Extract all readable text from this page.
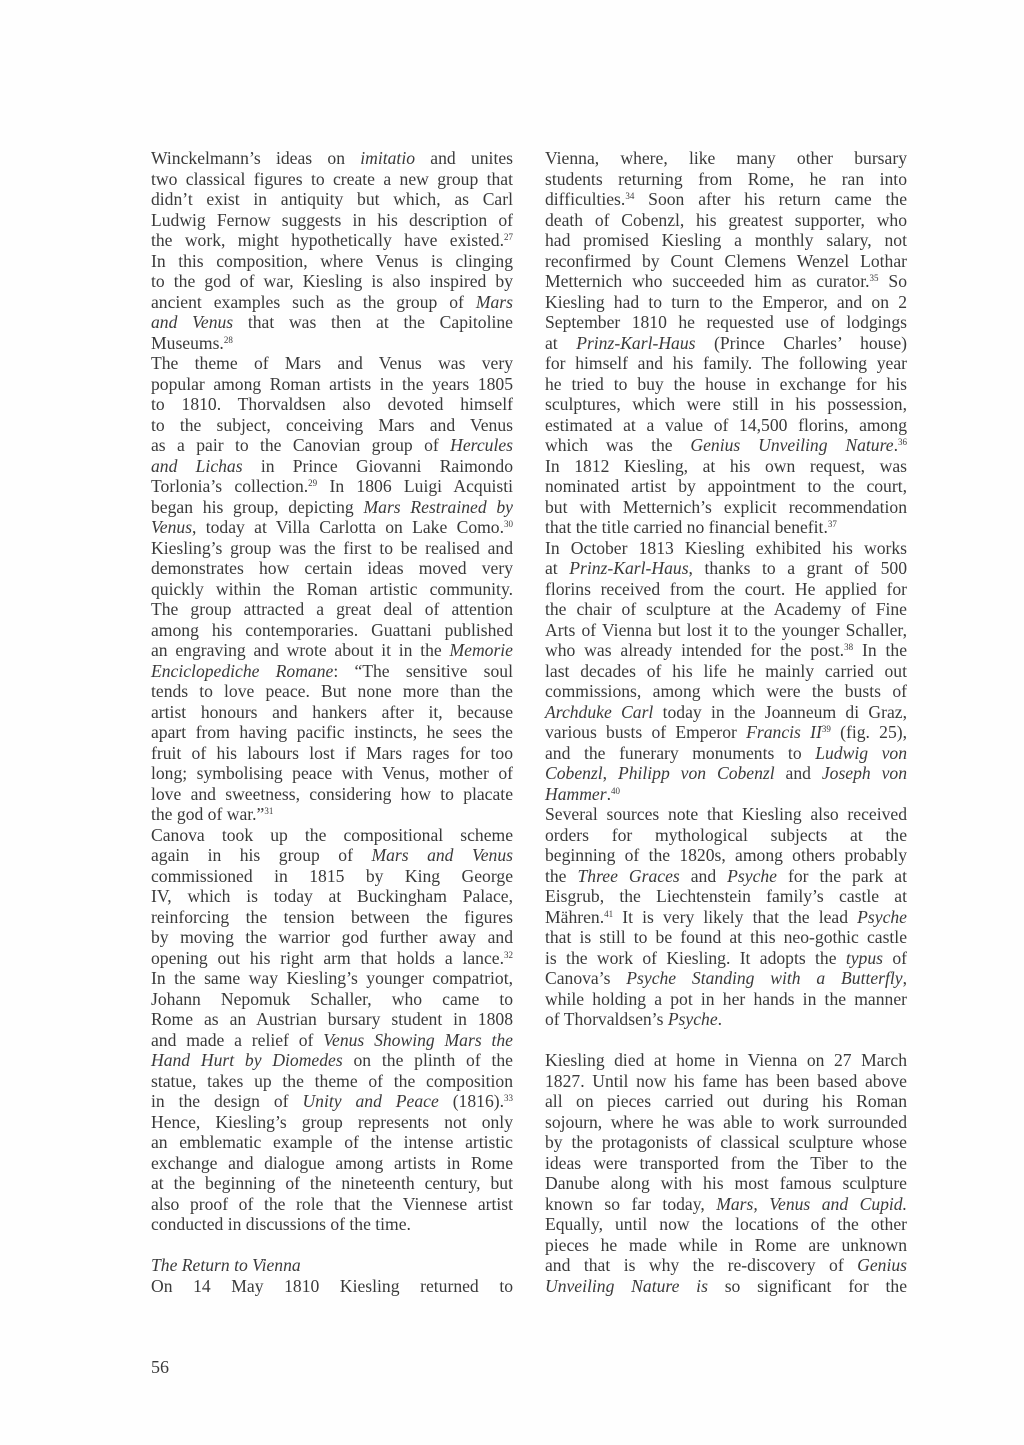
Winckelmann’s ideas on imitatio and unites
two classical figures to create a new group that
didn’t exist in antiquity but which, as Carl
Ludwig Fernow suggests in his description of
the work, might hypothetically have existed.$^{27}$
In this composition, where Venus is clinging
to the god of war, Kiesling is also inspired by
ancient examples such as the group of Mars
and Venus that was then at the Capitoline
Museums.$^{28}$
The theme of Mars and Venus was very
popular among Roman artists in the years 1805
to 1810. Thorvaldsen also devoted himself
to the subject, conceiving Mars and Venus
as a pair to the Canovian group of Hercules
and Lichas in Prince Giovanni Raimondo
Torlonia’s collection.$^{29}$ In 1806 Luigi Acquisti
began his group, depicting Mars Restrained by
Venus, today at Villa Carlotta on Lake Como.$^{30}$
Kiesling’s group was the first to be realised and
demonstrates how certain ideas moved very
quickly within the Roman artistic community.
The group attracted a great deal of attention
among his contemporaries. Guattani published
an engraving and wrote about it in the Memorie
Enciclopediche Romane: “The sensitive soul
tends to love peace. But none more than the
artist honours and hankers after it, because
apart from having pacific instincts, he sees the
fruit of his labours lost if Mars rages for too
long; symbolising peace with Venus, mother of
love and sweetness, considering how to placate
the god of war.”$^{31}$
Canova took up the compositional scheme
again in his group of Mars and Venus
commissioned in 1815 by King George
IV, which is today at Buckingham Palace,
reinforcing the tension between the figures
by moving the warrior god further away and
opening out his right arm that holds a lance.$^{32}$
In the same way Kiesling’s younger compatriot,
Johann Nepomuk Schaller, who came to
Rome as an Austrian bursary student in 1808
and made a relief of Venus Showing Mars the
Hand Hurt by Diomedes on the plinth of the
statue, takes up the theme of the composition
in the design of Unity and Peace (1816).$^{33}$
Hence, Kiesling’s group represents not only
an emblematic example of the intense artistic
exchange and dialogue among artists in Rome
at the beginning of the nineteenth century, but
also proof of the role that the Viennese artist
conducted in discussions of the time.
The Return to Vienna
On 14 May 1810 Kiesling returned to
Vienna, where, like many other bursary
students returning from Rome, he ran into
difficulties.$^{34}$ Soon after his return came the
death of Cobenzl, his greatest supporter, who
had promised Kiesling a monthly salary, not
reconfirmed by Count Clemens Wenzel Lothar
Metternich who succeeded him as curator.$^{35}$ So
Kiesling had to turn to the Emperor, and on 2
September 1810 he requested use of lodgings
at Prinz-Karl-Haus (Prince Charles’ house)
for himself and his family. The following year
he tried to buy the house in exchange for his
sculptures, which were still in his possession,
estimated at a value of 14,500 florins, among
which was the Genius Unveiling Nature.$^{36}$
In 1812 Kiesling, at his own request, was
nominated artist by appointment to the court,
but with Metternich’s explicit recommendation
that the title carried no financial benefit.$^{37}$
In October 1813 Kiesling exhibited his works
at Prinz-Karl-Haus, thanks to a grant of 500
florins received from the court. He applied for
the chair of sculpture at the Academy of Fine
Arts of Vienna but lost it to the younger Schaller,
who was already intended for the post.$^{38}$ In the
last decades of his life he mainly carried out
commissions, among which were the busts of
Archduke Carl today in the Joanneum di Graz,
various busts of Emperor Francis II$^{39}$ (fig. 25),
and the funerary monuments to Ludwig von
Cobenzl, Philipp von Cobenzl and Joseph von
Hammer.$^{40}$
Several sources note that Kiesling also received
orders for mythological subjects at the
beginning of the 1820s, among others probably
the Three Graces and Psyche for the park at
Eisgrub, the Liechtenstein family’s castle at
Mähren.$^{41}$ It is very likely that the lead Psyche
that is still to be found at this neo-gothic castle
is the work of Kiesling. It adopts the typus of
Canova’s Psyche Standing with a Butterfly,
while holding a pot in her hands in the manner
of Thorvaldsen’s Psyche.
Kiesling died at home in Vienna on 27 March
1827. Until now his fame has been based above
all on pieces carried out during his Roman
sojourn, where he was able to work surrounded
by the protagonists of classical sculpture whose
ideas were transported from the Tiber to the
Danube along with his most famous sculpture
known so far today, Mars, Venus and Cupid.
Equally, until now the locations of the other
pieces he made while in Rome are unknown
and that is why the re-discovery of Genius
Unveiling Nature is so significant for the
56
